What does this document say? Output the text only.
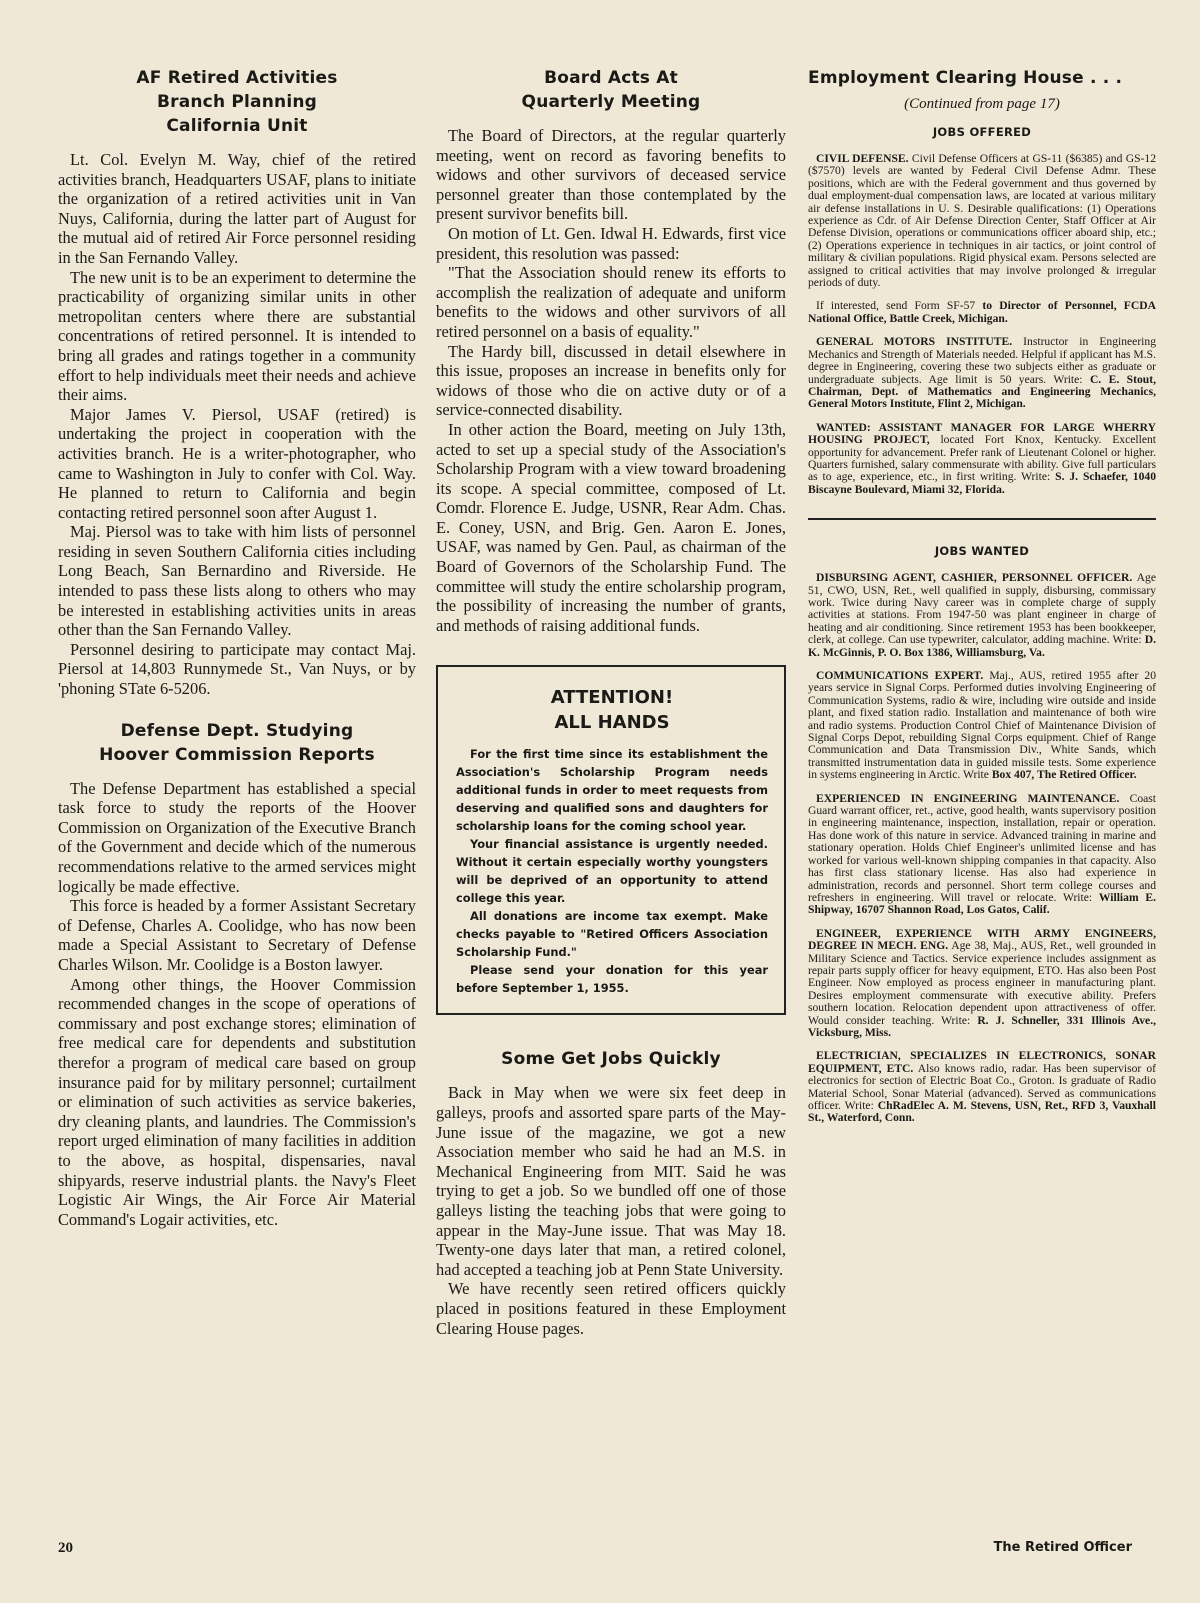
AF Retired Activities
Branch Planning
California Unit

Lt. Col. Evelyn M. Way, chief of the retired activities branch, Headquarters USAF, plans to initiate the organization of a retired activities unit in Van Nuys, California, during the latter part of August for the mutual aid of retired Air Force personnel residing in the San Fernando Valley.

The new unit is to be an experiment to determine the practicability of organizing similar units in other metropolitan centers where there are substantial concentrations of retired personnel. It is intended to bring all grades and ratings together in a community effort to help individuals meet their needs and achieve their aims.

Major James V. Piersol, USAF (retired) is undertaking the project in cooperation with the activities branch. He is a writer-photographer, who came to Washington in July to confer with Col. Way. He planned to return to California and begin contacting retired personnel soon after August 1.

Maj. Piersol was to take with him lists of personnel residing in seven Southern California cities including Long Beach, San Bernardino and Riverside. He intended to pass these lists along to others who may be interested in establishing activities units in areas other than the San Fernando Valley.

Personnel desiring to participate may contact Maj. Piersol at 14,803 Runnymede St., Van Nuys, or by 'phoning STate 6-5206.

Defense Dept. Studying
Hoover Commission Reports

The Defense Department has established a special task force to study the reports of the Hoover Commission on Organization of the Executive Branch of the Government and decide which of the numerous recommendations relative to the armed services might logically be made effective.

This force is headed by a former Assistant Secretary of Defense, Charles A. Coolidge, who has now been made a Special Assistant to Secretary of Defense Charles Wilson. Mr. Coolidge is a Boston lawyer.

Among other things, the Hoover Commission recommended changes in the scope of operations of commissary and post exchange stores; elimination of free medical care for dependents and substitution therefor a program of medical care based on group insurance paid for by military personnel; curtailment or elimination of such activities as service bakeries, dry cleaning plants, and laundries. The Commission's report urged elimination of many facilities in addition to the above, as hospital, dispensaries, naval shipyards, reserve industrial plants. the Navy's Fleet Logistic Air Wings, the Air Force Air Material Command's Logair activities, etc.

Board Acts At
Quarterly Meeting

The Board of Directors, at the regular quarterly meeting, went on record as favoring benefits to widows and other survivors of deceased service personnel greater than those contemplated by the present survivor benefits bill.

On motion of Lt. Gen. Idwal H. Edwards, first vice president, this resolution was passed:

"That the Association should renew its efforts to accomplish the realization of adequate and uniform benefits to the widows and other survivors of all retired personnel on a basis of equality."

The Hardy bill, discussed in detail elsewhere in this issue, proposes an increase in benefits only for widows of those who die on active duty or of a service-connected disability.

In other action the Board, meeting on July 13th, acted to set up a special study of the Association's Scholarship Program with a view toward broadening its scope. A special committee, composed of Lt. Comdr. Florence E. Judge, USNR, Rear Adm. Chas. E. Coney, USN, and Brig. Gen. Aaron E. Jones, USAF, was named by Gen. Paul, as chairman of the Board of Governors of the Scholarship Fund. The committee will study the entire scholarship program, the possibility of increasing the number of grants, and methods of raising additional funds.

ATTENTION!
ALL HANDS

For the first time since its establishment the Association's Scholarship Program needs additional funds in order to meet requests from deserving and qualified sons and daughters for scholarship loans for the coming school year.

Your financial assistance is urgently needed. Without it certain especially worthy youngsters will be deprived of an opportunity to attend college this year.

All donations are income tax exempt. Make checks payable to "Retired Officers Association Scholarship Fund."

Please send your donation for this year before September 1, 1955.

Some Get Jobs Quickly

Back in May when we were six feet deep in galleys, proofs and assorted spare parts of the May-June issue of the magazine, we got a new Association member who said he had an M.S. in Mechanical Engineering from MIT. Said he was trying to get a job. So we bundled off one of those galleys listing the teaching jobs that were going to appear in the May-June issue. That was May 18. Twenty-one days later that man, a retired colonel, had accepted a teaching job at Penn State University.

We have recently seen retired officers quickly placed in positions featured in these Employment Clearing House pages.

Employment Clearing House . . .
(Continued from page 17)
JOBS OFFERED

CIVIL DEFENSE. Civil Defense Officers at GS-11 ($6385) and GS-12 ($7570) levels are wanted by Federal Civil Defense Admr. These positions, which are with the Federal government and thus governed by dual employment-dual compensation laws, are located at various military air defense installations in U. S. Desirable qualifications: (1) Operations experience as Cdr. of Air Defense Direction Center, Staff Officer at Air Defense Division, operations or communications officer aboard ship, etc.; (2) Operations experience in techniques in air tactics, or joint control of military & civilian populations. Rigid physical exam. Persons selected are assigned to critical activities that may involve prolonged & irregular periods of duty.

If interested, send Form SF-57 to Director of Personnel, FCDA National Office, Battle Creek, Michigan.

GENERAL MOTORS INSTITUTE. Instructor in Engineering Mechanics and Strength of Materials needed. Helpful if applicant has M.S. degree in Engineering, covering these two subjects either as graduate or undergraduate subjects. Age limit is 50 years. Write: C. E. Stout, Chairman, Dept. of Mathematics and Engineering Mechanics, General Motors Institute, Flint 2, Michigan.

WANTED: ASSISTANT MANAGER FOR LARGE WHERRY HOUSING PROJECT, located Fort Knox, Kentucky. Excellent opportunity for advancement. Prefer rank of Lieutenant Colonel or higher. Quarters furnished, salary commensurate with ability. Give full particulars as to age, experience, etc., in first writing. Write: S. J. Schaefer, 1040 Biscayne Boulevard, Miami 32, Florida.

JOBS WANTED

DISBURSING AGENT, CASHIER, PERSONNEL OFFICER. Age 51, CWO, USN, Ret., well qualified in supply, disbursing, commissary work. Twice during Navy career was in complete charge of supply activities at stations. From 1947-50 was plant engineer in charge of heating and air conditioning. Since retirement 1953 has been bookkeeper, clerk, at college. Can use typewriter, calculator, adding machine. Write: D. K. McGinnis, P. O. Box 1386, Williamsburg, Va.

COMMUNICATIONS EXPERT. Maj., AUS, retired 1955 after 20 years service in Signal Corps. Performed duties involving Engineering of Communication Systems, radio & wire, including wire outside and inside plant, and fixed station radio. Installation and maintenance of both wire and radio systems. Production Control Chief of Maintenance Division of Signal Corps Depot, rebuilding Signal Corps equipment. Chief of Range Communication and Data Transmission Div., White Sands, which transmitted instrumentation data in guided missile tests. Some experience in systems engineering in Arctic. Write Box 407, The Retired Officer.

EXPERIENCED IN ENGINEERING MAINTENANCE. Coast Guard warrant officer, ret., active, good health, wants supervisory position in engineering maintenance, inspection, installation, repair or operation. Has done work of this nature in service. Advanced training in marine and stationary operation. Holds Chief Engineer's unlimited license and has worked for various well-known shipping companies in that capacity. Also has first class stationary license. Has also had experience in administration, records and personnel. Short term college courses and refreshers in engineering. Will travel or relocate. Write: William E. Shipway, 16707 Shannon Road, Los Gatos, Calif.

ENGINEER, EXPERIENCE WITH ARMY ENGINEERS, DEGREE IN MECH. ENG. Age 38, Maj., AUS, Ret., well grounded in Military Science and Tactics. Service experience includes assignment as repair parts supply officer for heavy equipment, ETO. Has also been Post Engineer. Now employed as process engineer in manufacturing plant. Desires employment commensurate with executive ability. Prefers southern location. Relocation dependent upon attractiveness of offer. Would consider teaching. Write: R. J. Schneller, 331 Illinois Ave., Vicksburg, Miss.

ELECTRICIAN, SPECIALIZES IN ELECTRONICS, SONAR EQUIPMENT, ETC. Also knows radio, radar. Has been supervisor of electronics for section of Electric Boat Co., Groton. Is graduate of Radio Material School, Sonar Material (advanced). Served as communications officer. Write: ChRadElec A. M. Stevens, USN, Ret., RFD 3, Vauxhall St., Waterford, Conn.

20	The Retired Officer
